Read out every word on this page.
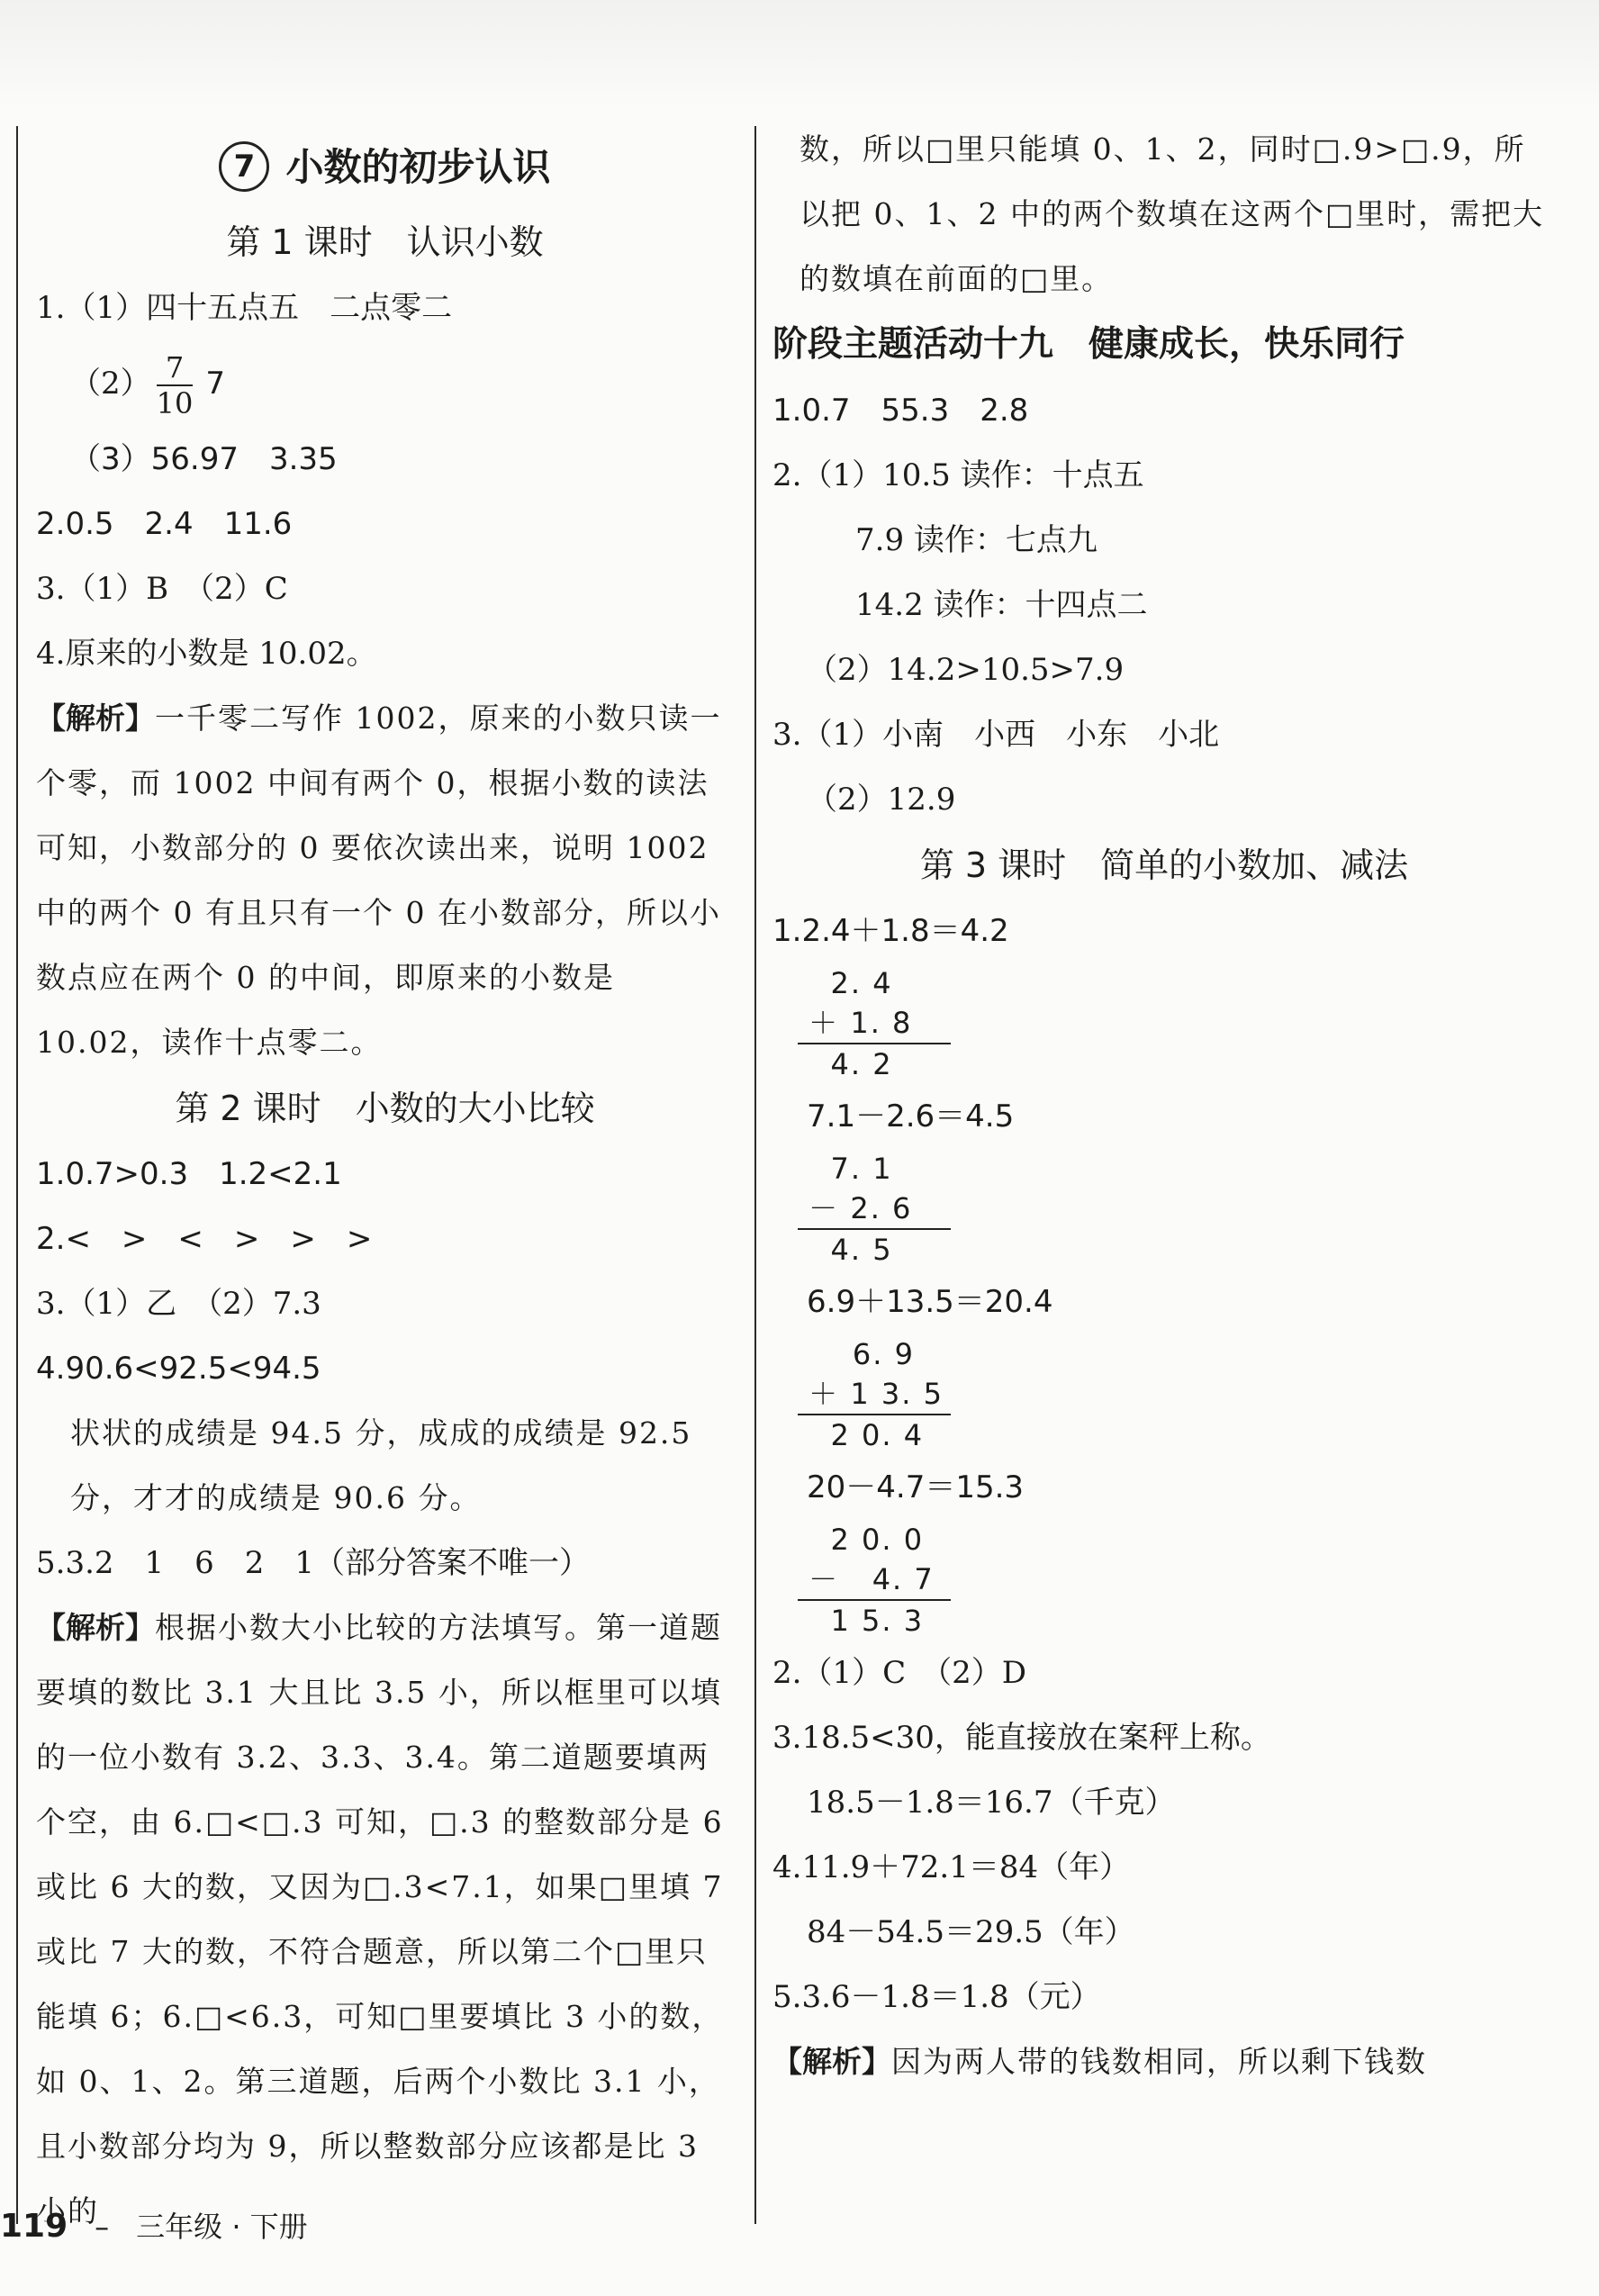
7 小数的初步认识
第 1 课时　认识小数
1.（1）四十五点五　二点零二
$(2) \frac{7}{10} 7$
（3）56.97　3.35
2.0.5　2.4　11.6
3.（1）B　（2）C
4.原来的小数是 10.02。
【解析】一千零二写作 1002，原来的小数只读一个零，而 1002 中间有两个 0，根据小数的读法可知，小数部分的 0 要依次读出来，说明 1002 中的两个 0 有且只有一个 0 在小数部分，所以小数点应在两个 0 的中间，即原来的小数是 10.02，读作十点零二。
第 2 课时　小数的大小比较
1.0.7>0.3　1.2<2.1
2.<　>　<　>　>　>
3.（1）乙　（2）7.3
4.90.6<92.5<94.5
状状的成绩是 94.5 分，成成的成绩是 92.5 分，才才的成绩是 90.6 分。
5.3.2　1　6　2　1（部分答案不唯一）
【解析】根据小数大小比较的方法填写。第一道题要填的数比 3.1 大且比 3.5 小，所以框里可以填的一位小数有 3.2、3.3、3.4。第二道题要填两个空，由 6.□<□.3 可知，□.3 的整数部分是 6 或比 6 大的数，又因为□.3<7.1，如果□里填 7 或比 7 大的数，不符合题意，所以第二个□里只能填 6；6.□<6.3，可知□里要填比 3 小的数，如 0、1、2。第三道题，后两个小数比 3.1 小，且小数部分均为 9，所以整数部分应该都是比 3 小的
数，所以□里只能填 0、1、2，同时□.9>□.9，所以把 0、1、2 中的两个数填在这两个□里时，需把大的数填在前面的□里。
阶段主题活动十九　健康成长，快乐同行
1.0.7　55.3　2.8
2.（1）10.5 读作：十点五
7.9 读作：七点九
14.2 读作：十四点二
（2）14.2>10.5>7.9
3.（1）小南　小西　小东　小北
（2）12.9
第 3 课时　简单的小数加、减法
1.2.4＋1.8＝4.2
2. 4
＋ 1. 8
4. 2
7.1－2.6＝4.5
7. 1
－ 2. 6
4. 5
6.9＋13.5＝20.4
6. 9
＋ 1 3. 5
2 0. 4
20－4.7＝15.3
2 0. 0
－   4. 7
1 5. 3
2.（1）C　（2）D
3.18.5<30，能直接放在案秤上称。
18.5－1.8＝16.7（千克）
4.11.9＋72.1＝84（年）
84－54.5＝29.5（年）
5.3.6－1.8＝1.8（元）
【解析】因为两人带的钱数相同，所以剩下钱数
119 – 三年级 · 下册
